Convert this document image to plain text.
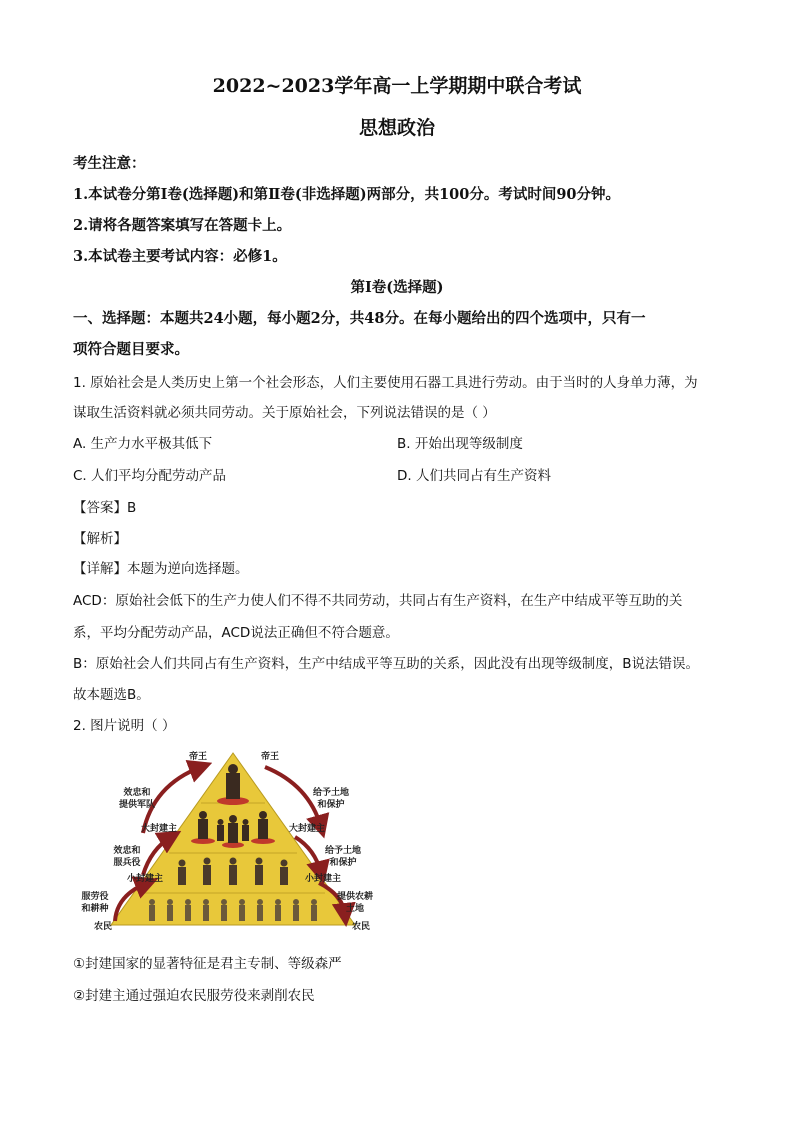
2022~2023学年高一上学期期中联合考试
思想政治
考生注意：
1.本试卷分第Ⅰ卷(选择题)和第Ⅱ卷(非选择题)两部分，共100分。考试时间90分钟。
2.请将各题答案填写在答题卡上。
3.本试卷主要考试内容：必修1。
第Ⅰ卷(选择题)
一、选择题：本题共24小题，每小题2分，共48分。在每小题给出的四个选项中，只有一
项符合题目要求。
1. 原始社会是人类历史上第一个社会形态，人们主要使用石器工具进行劳动。由于当时的人身单力薄，为
谋取生活资料就必须共同劳动。关于原始社会，下列说法错误的是（ ）
A. 生产力水平极其低下	B. 开始出现等级制度
C. 人们平均分配劳动产品	D. 人们共同占有生产资料
【答案】B
【解析】
【详解】本题为逆向选择题。
ACD：原始社会低下的生产力使人们不得不共同劳动，共同占有生产资料，在生产中结成平等互助的关
系，平均分配劳动产品，ACD说法正确但不符合题意。
B：原始社会人们共同占有生产资料，生产中结成平等互助的关系，因此没有出现等级制度，B说法错误。
故本题选B。
2. 图片说明（ ）
帝王	帝王
效忠和
提供军队
大封建主
效忠和
服兵役
小封建主
服劳役
和耕种
农民
给予土地
和保护
大封建主
给予土地
和保护
小封建主
提供农耕
土地
农民
①封建国家的显著特征是君主专制、等级森严
②封建主通过强迫农民服劳役来剥削农民
